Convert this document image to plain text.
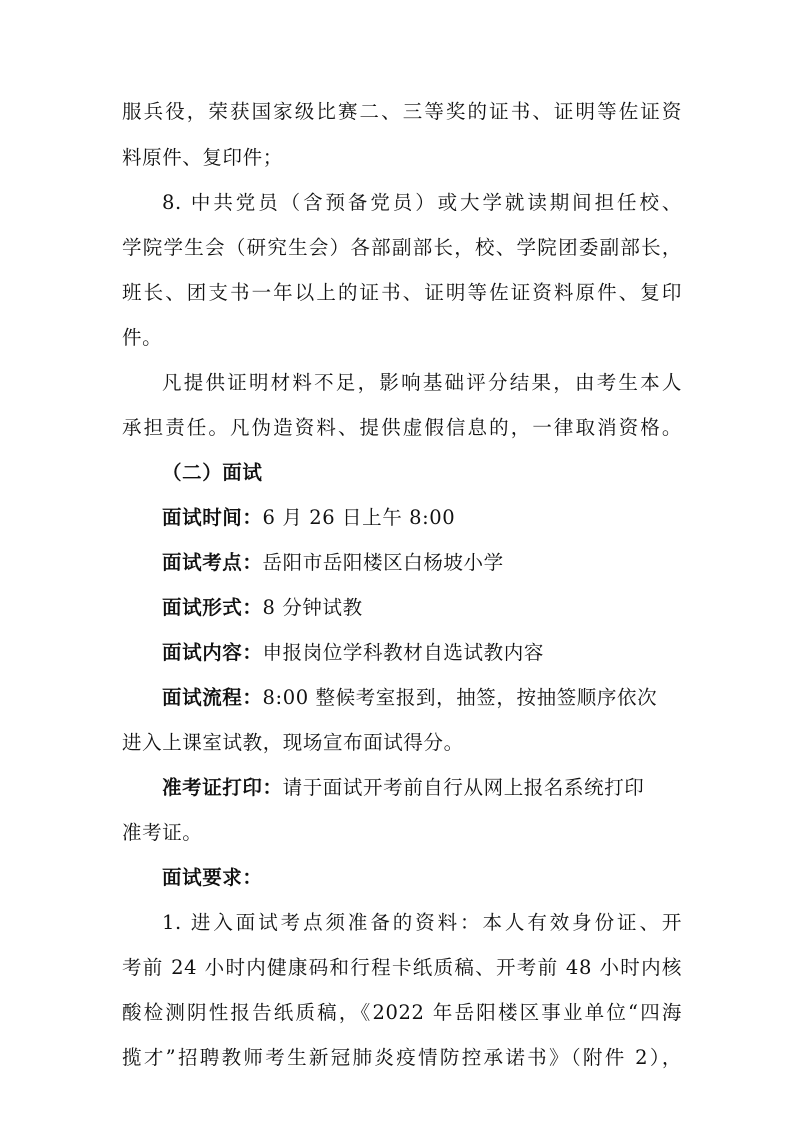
服兵役，荣获国家级比赛二、三等奖的证书、证明等佐证资
料原件、复印件；
8. 中共党员（含预备党员）或大学就读期间担任校、
学院学生会（研究生会）各部副部长，校、学院团委副部长，
班长、团支书一年以上的证书、证明等佐证资料原件、复印
件。
凡提供证明材料不足，影响基础评分结果，由考生本人
承担责任。凡伪造资料、提供虚假信息的，一律取消资格。
（二）面试
面试时间：6 月 26 日上午 8:00
面试考点：岳阳市岳阳楼区白杨坡小学
面试形式：8 分钟试教
面试内容：申报岗位学科教材自选试教内容
面试流程：8:00 整候考室报到，抽签，按抽签顺序依次
进入上课室试教，现场宣布面试得分。
准考证打印：请于面试开考前自行从网上报名系统打印
准考证。
面试要求：
1. 进入面试考点须准备的资料：本人有效身份证、开
考前 24 小时内健康码和行程卡纸质稿、开考前 48 小时内核
酸检测阴性报告纸质稿，《2022 年岳阳楼区事业单位“四海
揽才”招聘教师考生新冠肺炎疫情防控承诺书》（附件 2），
